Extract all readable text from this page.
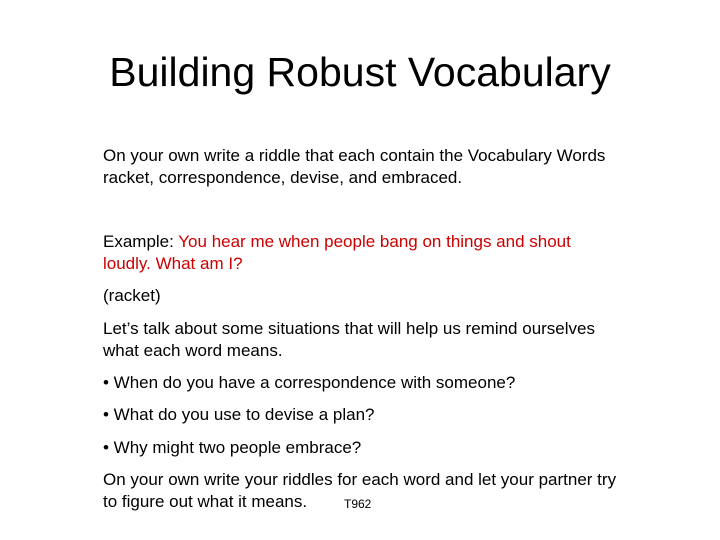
Building Robust Vocabulary

On your own write a riddle that each contain the Vocabulary Words racket, correspondence, devise, and embraced.

Example: You hear me when people bang on things and shout loudly. What am I?

(racket)

Let’s talk about some situations that will help us remind ourselves what each word means.

• When do you have a correspondence with someone?

• What do you use to devise a plan?

• Why might two people embrace?

On your own write your riddles for each word and let your partner try to figure out what it means.	T962
